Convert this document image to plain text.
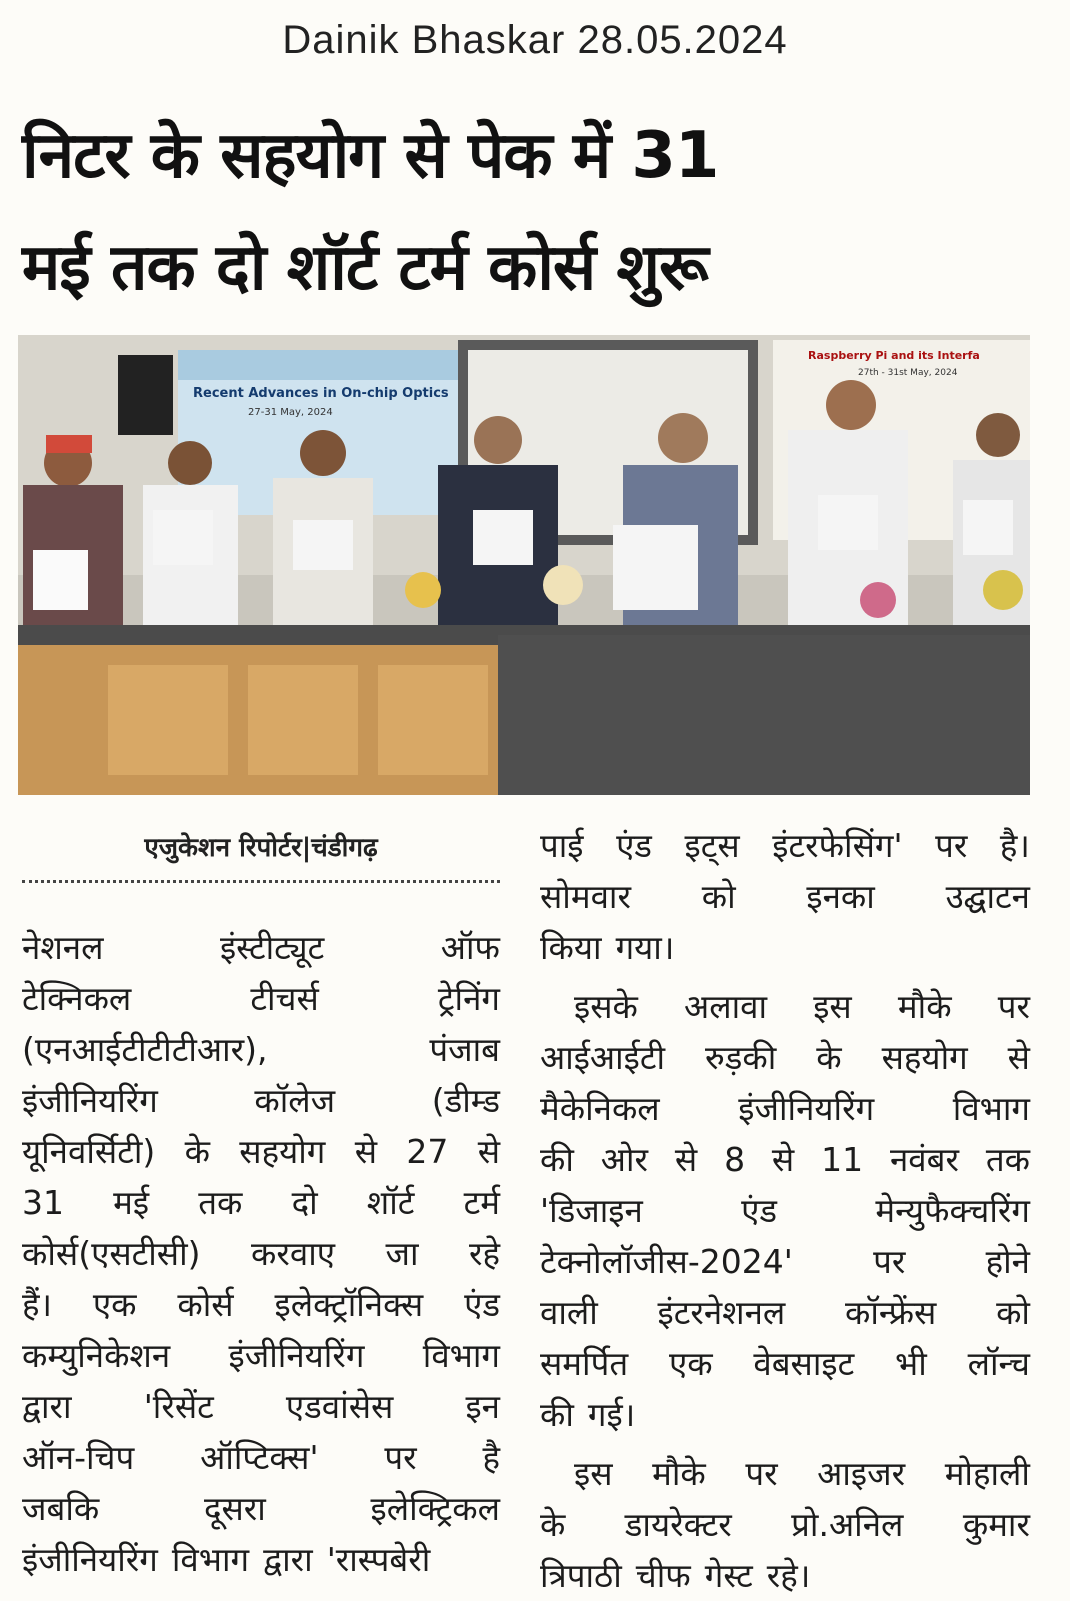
Dainik Bhaskar 28.05.2024
निटर के सहयोग से पेक में 31
मई तक दो शॉर्ट टर्म कोर्स शुरू
Recent Advances in On-chip Optics
27-31 May, 2024
Raspberry Pi and its Interfa
27th - 31st May, 2024
एजुकेशन रिपोर्टर|चंडीगढ़
नेशनल	इंस्टीट्यूट	ऑफ
टेक्निकल	टीचर्स	ट्रेनिंग
(एनआईटीटीटीआर),	पंजाब
इंजीनियरिंग	कॉलेज	(डीम्ड
यूनिवर्सिटी) के सहयोग से 27 से
31 मई तक दो शॉर्ट टर्म
कोर्स(एसटीसी) करवाए जा रहे
हैं। एक कोर्स इलेक्ट्रॉनिक्स एंड
कम्युनिकेशन इंजीनियरिंग विभाग
द्वारा 'रिसेंट एडवांसेस इन
ऑन-चिप ऑप्टिक्स' पर है
जबकि	दूसरा	इलेक्ट्रिकल
इंजीनियरिंग विभाग द्वारा 'रास्पबेरी
पाई एंड इट्स इंटरफेसिंग' पर है।
सोमवार को इनका उद्घाटन
किया गया।
इसके अलावा इस मौके पर
आईआईटी रुड़की के सहयोग से
मैकेनिकल इंजीनियरिंग विभाग
की ओर से 8 से 11 नवंबर तक
'डिजाइन	एंड	मेन्युफैक्चरिंग
टेक्नोलॉजीस-2024' पर होने
वाली इंटरनेशनल कॉन्फ्रेंस को
समर्पित एक वेबसाइट भी लॉन्च
की गई।
इस मौके पर आइजर मोहाली
के डायरेक्टर प्रो.अनिल कुमार
त्रिपाठी चीफ गेस्ट रहे।
